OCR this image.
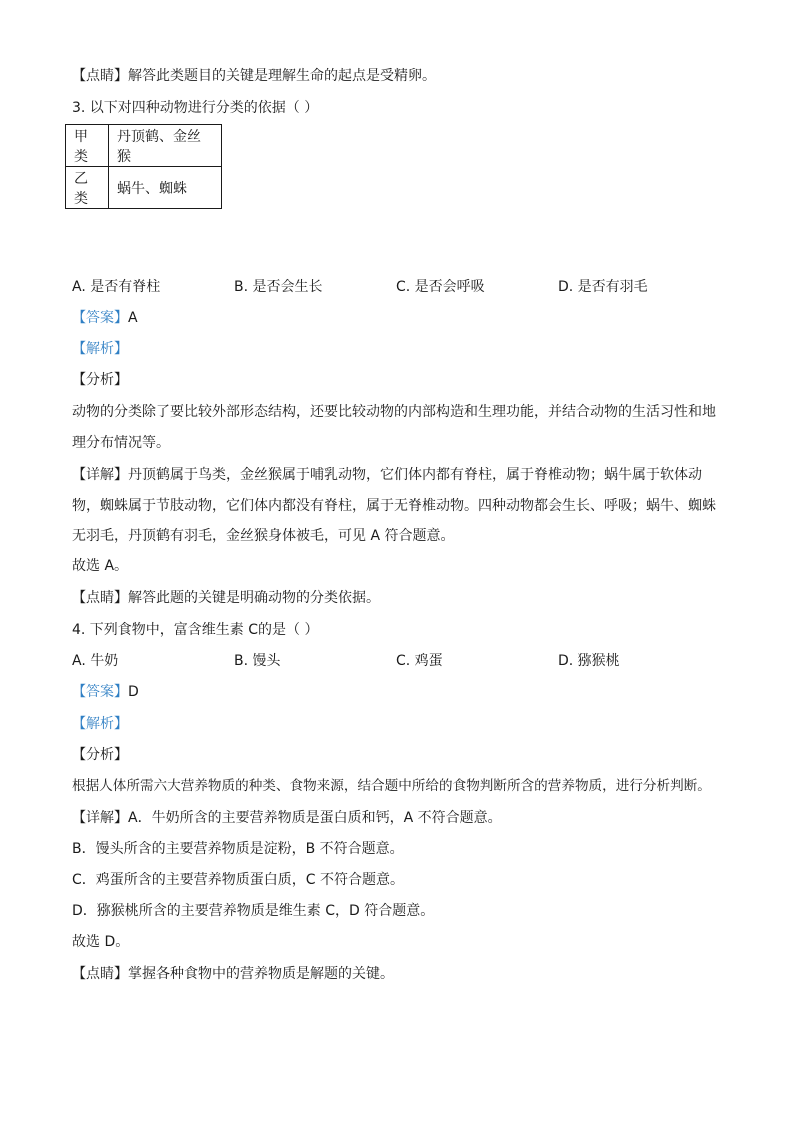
【点睛】解答此类题目的关键是理解生命的起点是受精卵。
3. 以下对四种动物进行分类的依据（ ）
甲类	丹顶鹤、金丝猴
乙类	蜗牛、蜘蛛
A. 是否有脊柱	B. 是否会生长	C. 是否会呼吸	D. 是否有羽毛
【答案】A
【解析】
【分析】
动物的分类除了要比较外部形态结构，还要比较动物的内部构造和生理功能，并结合动物的生活习性和地理分布情况等。
【详解】丹顶鹤属于鸟类，金丝猴属于哺乳动物，它们体内都有脊柱，属于脊椎动物；蜗牛属于软体动物，蜘蛛属于节肢动物，它们体内都没有脊柱，属于无脊椎动物。四种动物都会生长、呼吸；蜗牛、蜘蛛无羽毛，丹顶鹤有羽毛，金丝猴身体被毛，可见 A 符合题意。
故选 A。
【点睛】解答此题的关键是明确动物的分类依据。
4. 下列食物中，富含维生素 C的是（ ）
A. 牛奶	B. 馒头	C. 鸡蛋	D. 猕猴桃
【答案】D
【解析】
【分析】
根据人体所需六大营养物质的种类、食物来源，结合题中所给的食物判断所含的营养物质，进行分析判断。
【详解】A．牛奶所含的主要营养物质是蛋白质和钙，A 不符合题意。
B．馒头所含的主要营养物质是淀粉，B 不符合题意。
C．鸡蛋所含的主要营养物质蛋白质，C 不符合题意。
D．猕猴桃所含的主要营养物质是维生素 C，D 符合题意。
故选 D。
【点睛】掌握各种食物中的营养物质是解题的关键。
